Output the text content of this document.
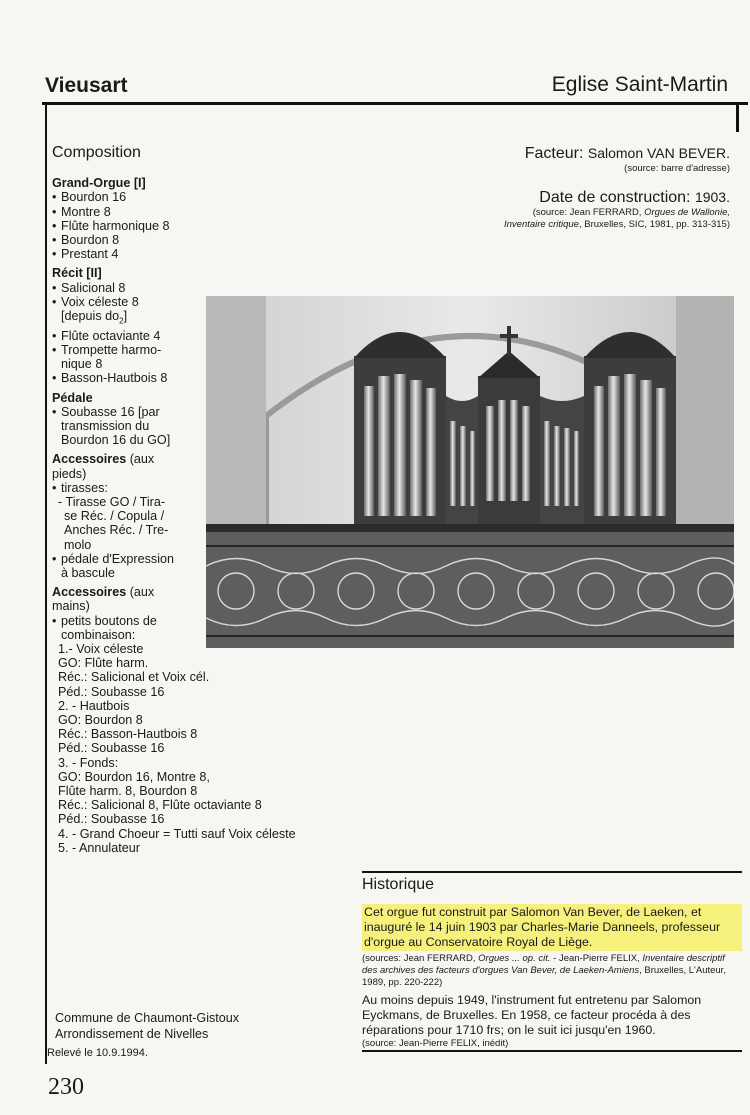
Vieusart	Eglise Saint-Martin
Composition
Grand-Orgue [I]
• Bourdon 16
• Montre 8
• Flûte harmonique 8
• Bourdon 8
• Prestant 4
Récit [II]
• Salicional 8
• Voix céleste 8
[depuis $do_2$]
• Flûte octaviante 4
• Trompette harmo-
nique 8
• Basson-Hautbois 8
Pédale
• Soubasse 16 [par
transmission du
Bourdon 16 du GO]
Accessoires (aux
pieds)
• tirasses:
- Tirasse GO / Tira-
se Réc. / Copula /
Anches Réc. / Tre-
molo
• pédale d'Expression
à bascule
Accessoires (aux
mains)
• petits boutons de
combinaison:
1.- Voix céleste
GO: Flûte harm.
Réc.: Salicional et Voix cél.
Péd.: Soubasse 16
2. - Hautbois
GO: Bourdon 8
Réc.: Basson-Hautbois 8
Péd.: Soubasse 16
3. - Fonds:
GO: Bourdon 16, Montre 8,
Flûte harm. 8, Bourdon 8
Réc.: Salicional 8, Flûte octaviante 8
Péd.: Soubasse 16
4. - Grand Choeur = Tutti sauf Voix céleste
5. - Annulateur
Facteur: Salomon VAN BEVER.
(source: barre d'adresse)
Date de construction: 1903.
(source: Jean FERRARD, Orgues de Wallonie,
Inventaire critique, Bruxelles, SIC, 1981, pp. 313-315)
Historique
Cet orgue fut construit par Salomon Van Bever, de Laeken, et inauguré le 14 juin 1903 par Charles-Marie Danneels, professeur d'orgue au Conservatoire Royal de Liège.
(sources: Jean FERRARD, Orgues ... op. cit. - Jean-Pierre FELIX, Inventaire descriptif des archives des facteurs d'orgues Van Bever, de Laeken-Amiens, Bruxelles, L'Auteur, 1989, pp. 220-222)
Au moins depuis 1949, l'instrument fut entretenu par Salomon Eyckmans, de Bruxelles. En 1958, ce facteur procéda à des réparations pour 1710 frs; on le suit ici jusqu'en 1960.
(source: Jean-Pierre FELIX, inédit)
Commune de Chaumont-Gistoux
Arrondissement de Nivelles
Relevé le 10.9.1994.
230
